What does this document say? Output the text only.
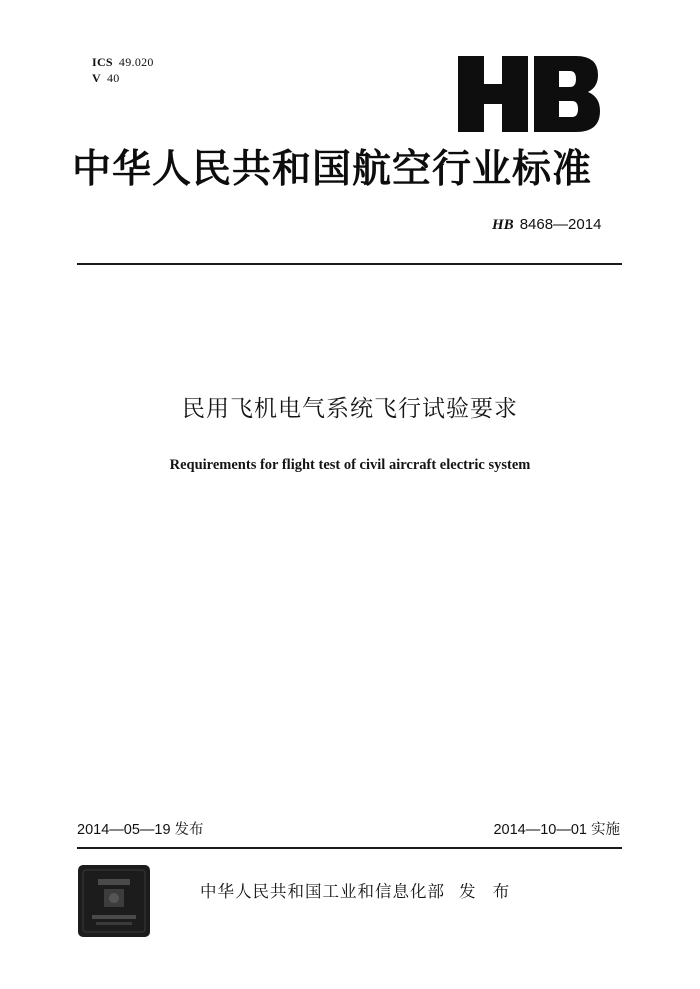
ICS 49.020
V 40
中华人民共和国航空行业标准
HB 8468—2014
民用飞机电气系统飞行试验要求
Requirements for flight test of civil aircraft electric system
2014—05—19 发布	2014—10—01 实施
中华人民共和国工业和信息化部 发 布
